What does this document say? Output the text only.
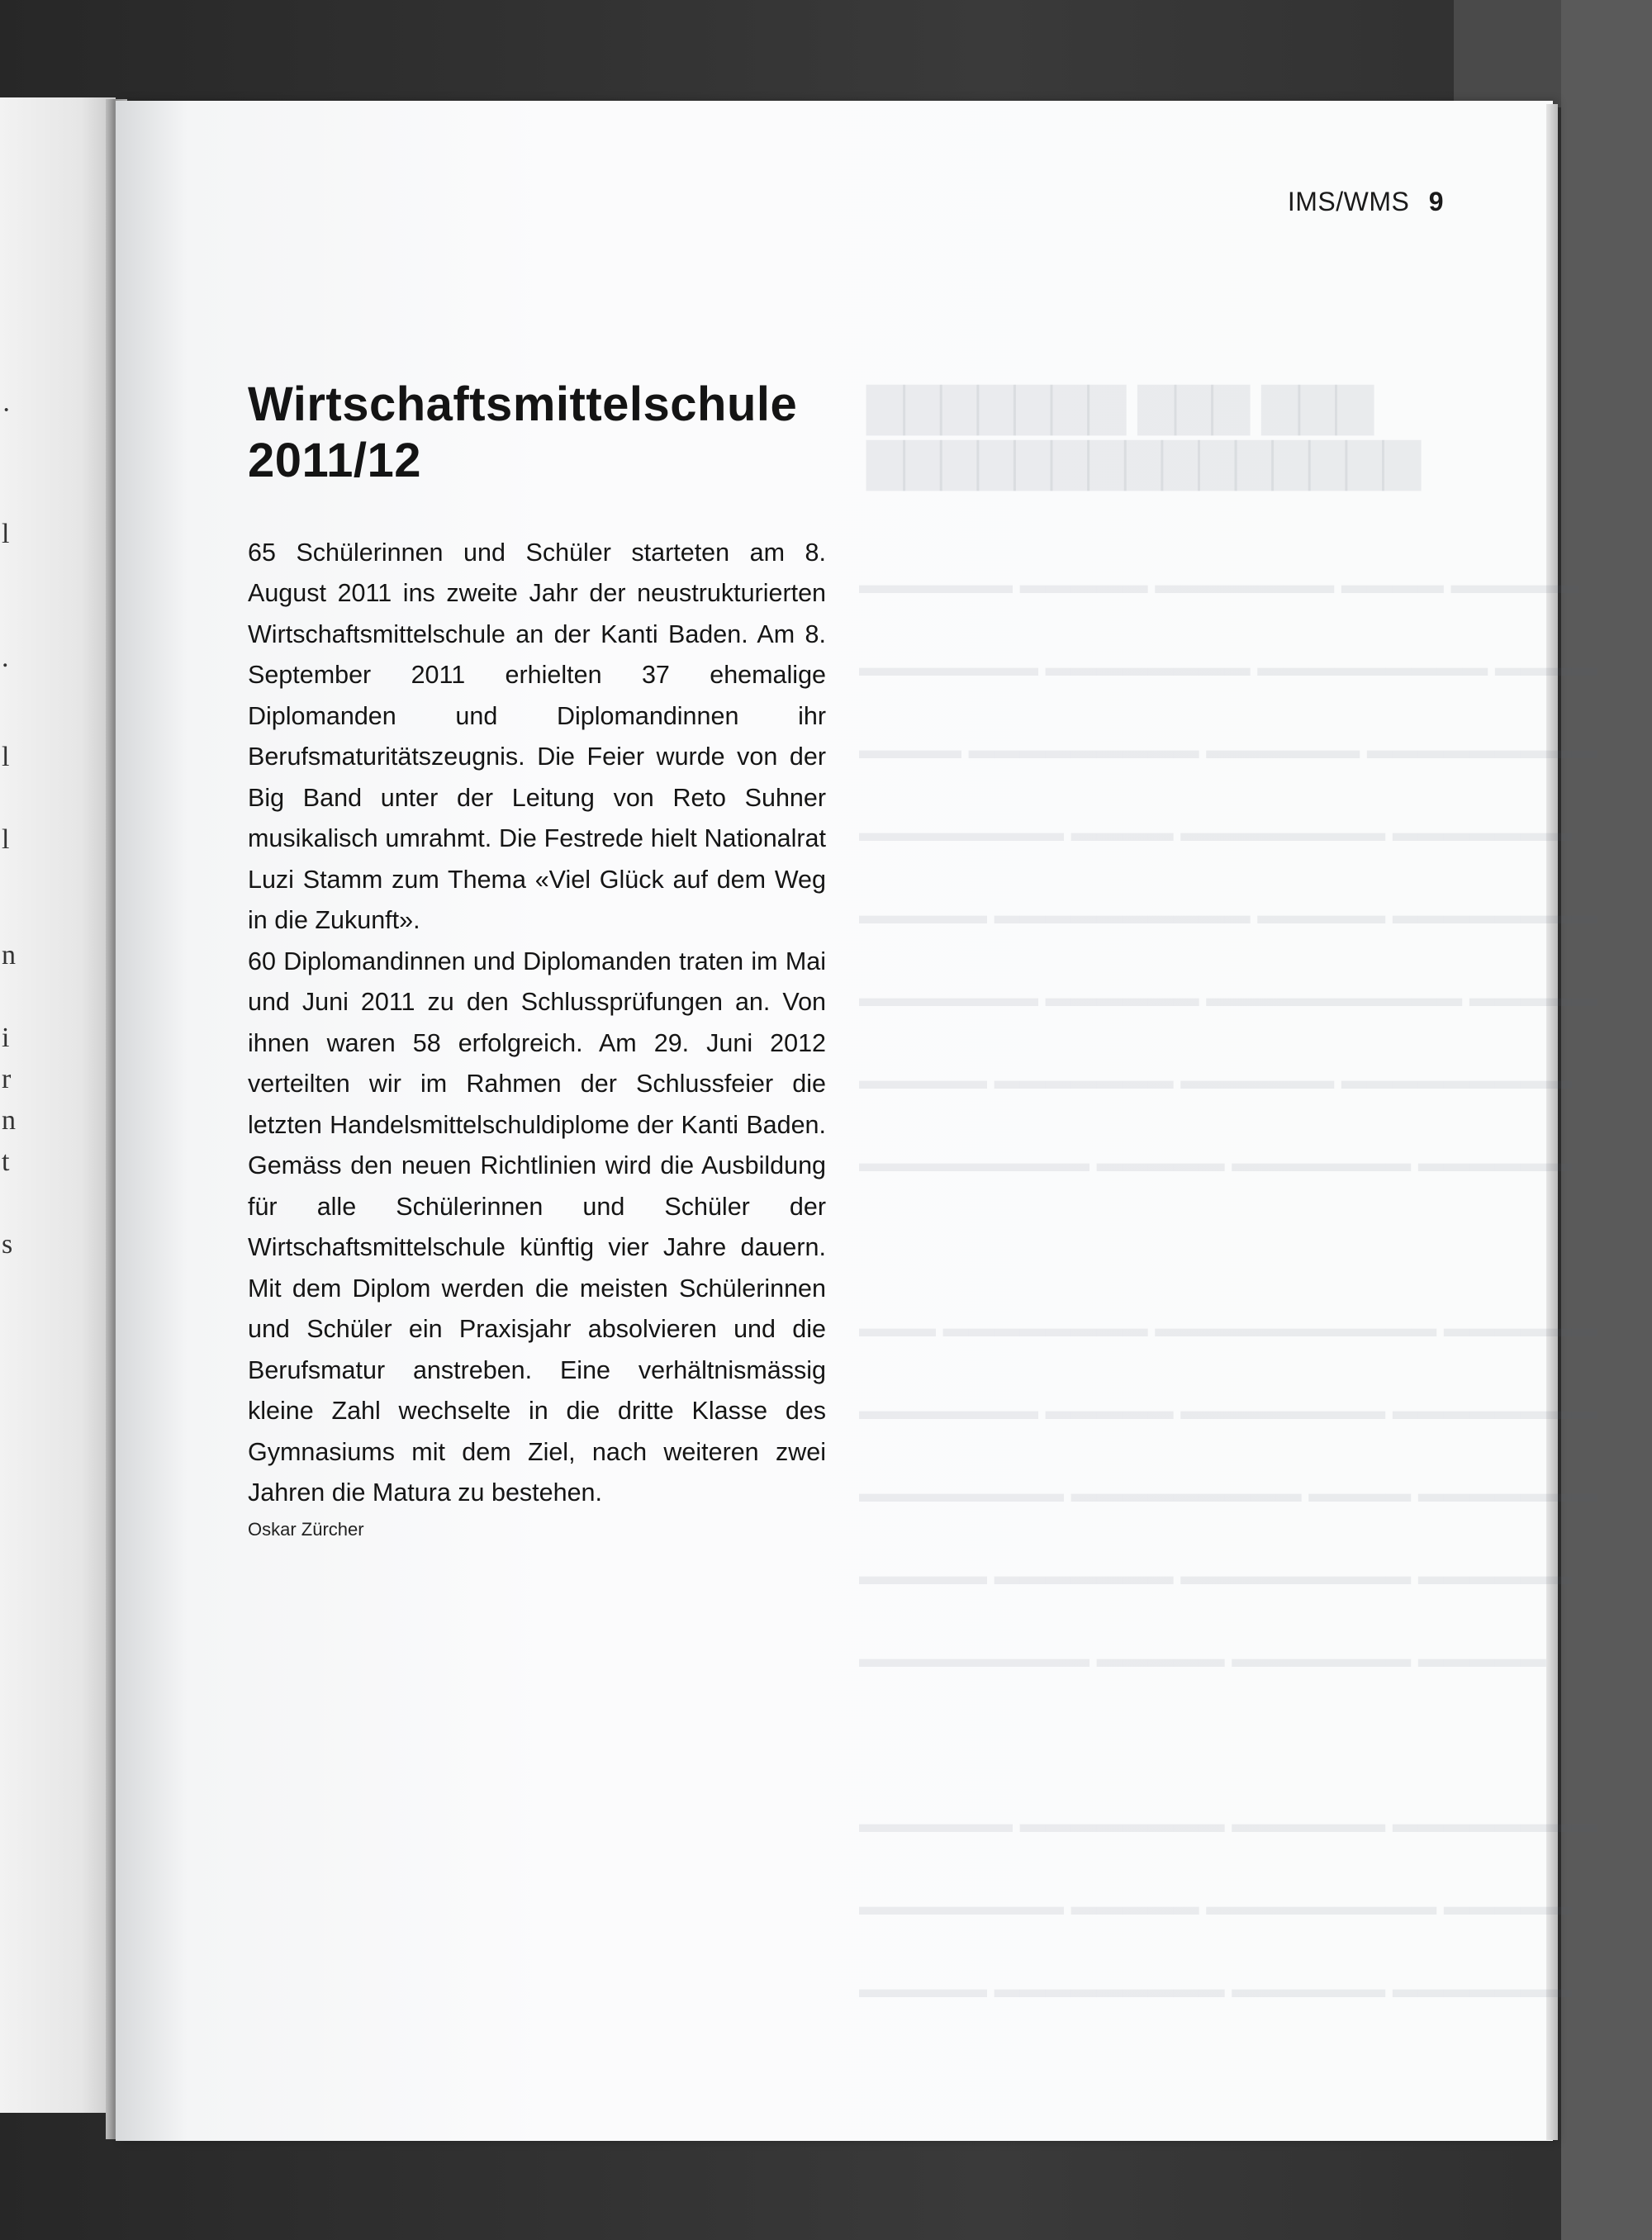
·
l
.
l
l
n
i
r
n
t
s

IMS/WMS 9
Wirtschaftsmittelschule
2011/12

65 Schülerinnen und Schüler starteten am 8. August 2011 ins zweite Jahr der neustrukturierten Wirtschaftsmittelschule an der Kanti Baden. Am 8. September 2011 erhielten 37 ehemalige Diplomanden und Diplomandinnen ihr Berufsmaturitätszeugnis. Die Feier wurde von der Big Band unter der Leitung von Reto Suhner musikalisch umrahmt. Die Festrede hielt Nationalrat Luzi Stamm zum Thema «Viel Glück auf dem Weg in die Zukunft».

60 Diplomandinnen und Diplomanden traten im Mai und Juni 2011 zu den Schlussprüfungen an. Von ihnen waren 58 erfolgreich. Am 29. Juni 2012 verteilten wir im Rahmen der Schlussfeier die letzten Handelsmittelschuldiplome der Kanti Baden. Gemäss den neuen Richtlinien wird die Ausbildung für alle Schülerinnen und Schüler der Wirtschaftsmittelschule künftig vier Jahre dauern. Mit dem Diplom werden die meisten Schülerinnen und Schüler ein Praxisjahr absolvieren und die Berufsmatur anstreben. Eine verhältnismässig kleine Zahl wechselte in die dritte Klasse des Gymnasiums mit dem Ziel, nach weiteren zwei Jahren die Matura zu bestehen.

Oskar Zürcher
